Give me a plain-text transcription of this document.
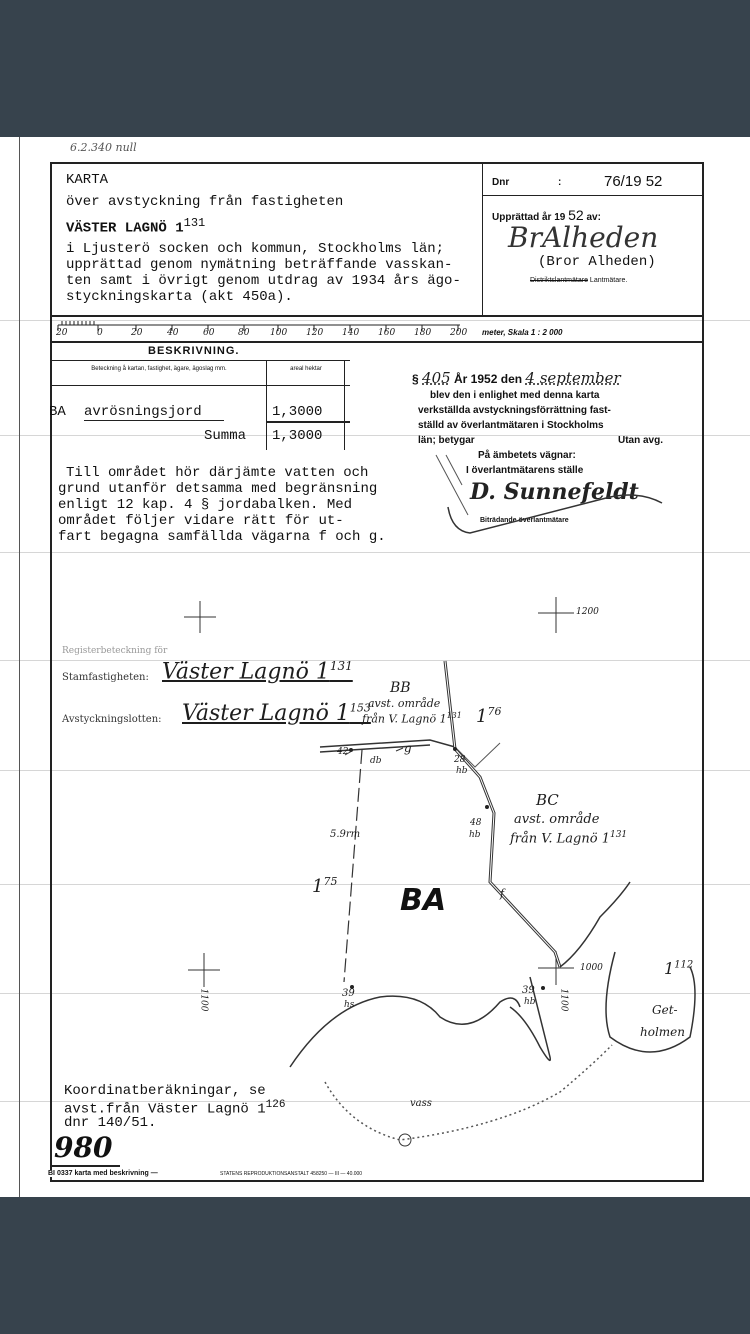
6.2.340 null
KARTA
över avstyckning från fastigheten
VÄSTER LAGNÖ $1^{131}$
i Ljusterö socken och kommun, Stockholms län;
upprättad genom nymätning beträffande vasskan-
ten samt i övrigt genom utdrag av 1934 års ägo-
styckningskarta (akt 450a).
Dnr	:	76/19 52
Upprättad år 19 52 av:
BrAlheden
(Bror Alheden)
Distriktslantmätare Lantmätare.
20	0	20	40	60	80 100 120 140 160 180 200 meter, Skala 1 : 2 000
BESKRIVNING.
Beteckning å kartan, fastighet, ägare, ägoslag mm.	areal hektar
BA avrösningsjord	1,3000
Summa 1,3000
Till området hör därjämte vatten och
grund utanför detsamma med begränsning
enligt 12 kap. 4 § jordabalken. Med
området följer vidare rätt för ut-
fart begagna samfällda vägarna f och g.
§ 405 År 1952 den 4 september
blev den i enlighet med denna karta
verkställda avstyckningsförrättning fast-
ställd av överlantmätaren i Stockholms
län; betygar	Utan avg.
På ämbetets vägnar:
I överlantmätarens ställe
D. Sunnefeldt
Biträdande överlantmätare
Registerbeteckning för
Stamfastigheten: Väster Lagnö $1^{131}$
Avstyckningslotten: Väster Lagnö $1^{153}$
BB
avst. område
från V. Lagnö $1^{131}$ $1^{76}$
g
42
db	28
hb
BC
avst. område
från V. Lagnö $1^{131}$
48
hb
5.9rm
f
$1^{75}$
BA
1200
1000
1100	1100
39
hs
39
hb
$1^{112}$
Get-
holmen
vass
Koordinatberäkningar, se
avst.från Väster Lagnö $1^{126}$
dnr 140/51.
980
BI 0337 karta med beskrivning —	STATENS REPRODUKTIONSANSTALT 458250 — III — 40.000
